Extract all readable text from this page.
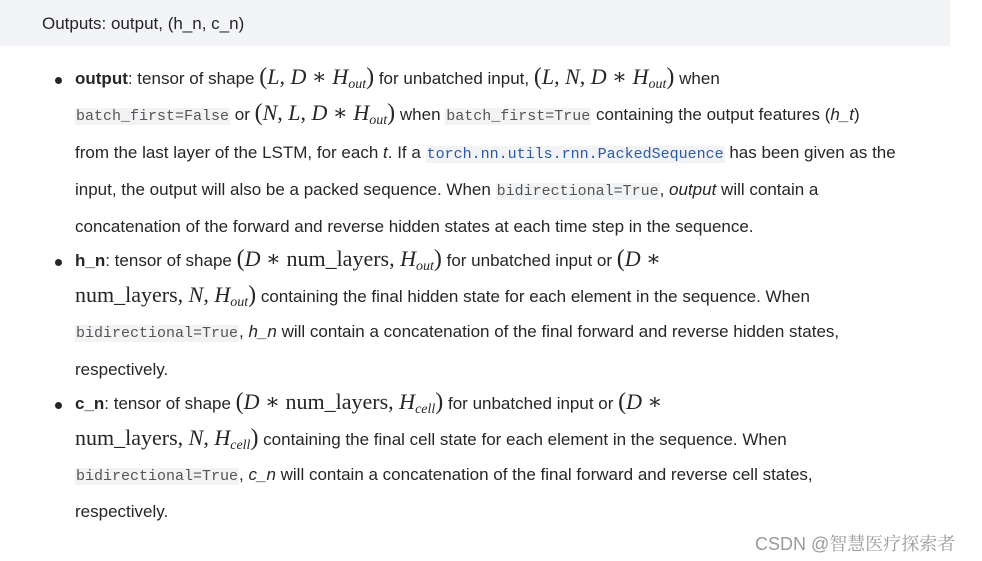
Outputs: output, (h_n, c_n)
output: tensor of shape (L, D ∗ $H_{out}$) for unbatched input, (L, N, D ∗ $H_{out}$) when
batch_first=False or (N, L, D ∗ $H_{out}$) when batch_first=True containing the output features (h_t)
from the last layer of the LSTM, for each t. If a torch.nn.utils.rnn.PackedSequence has been given as the
input, the output will also be a packed sequence. When bidirectional=True, output will contain a
concatenation of the forward and reverse hidden states at each time step in the sequence.
h_n: tensor of shape (D ∗ num_layers, $H_{out}$) for unbatched input or (D ∗
num_layers, N, $H_{out}$) containing the final hidden state for each element in the sequence. When
bidirectional=True, h_n will contain a concatenation of the final forward and reverse hidden states,
respectively.
c_n: tensor of shape (D ∗ num_layers, $H_{cell}$) for unbatched input or (D ∗
num_layers, N, $H_{cell}$) containing the final cell state for each element in the sequence. When
bidirectional=True, c_n will contain a concatenation of the final forward and reverse cell states,
respectively.
CSDN @智慧医疗探索者
